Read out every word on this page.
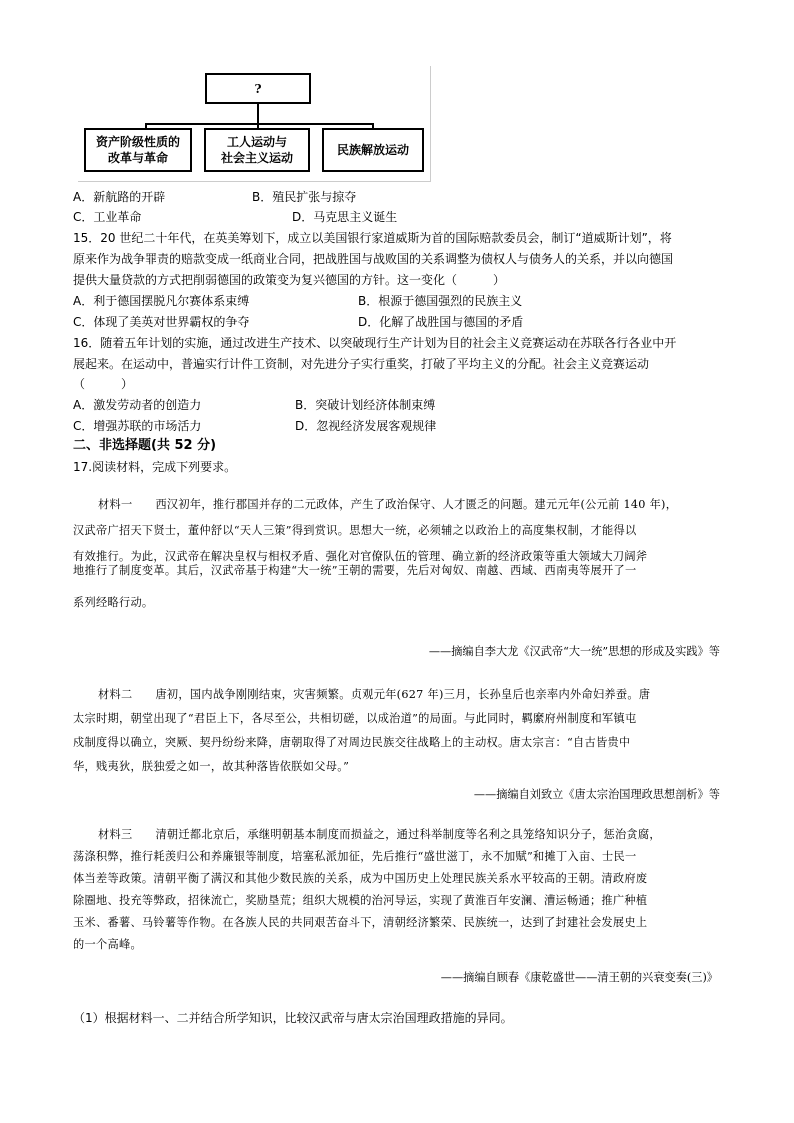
?
资产阶级性质的
改革与革命
工人运动与
社会主义运动
民族解放运动
A．新航路的开辟	B．殖民扩张与掠夺
C．工业革命	D．马克思主义诞生
15．20 世纪二十年代，在英美筹划下，成立以美国银行家道威斯为首的国际赔款委员会，制订“道威斯计划”，将
原来作为战争罪责的赔款变成一纸商业合同，把战胜国与战败国的关系调整为债权人与债务人的关系，并以向德国
提供大量贷款的方式把削弱德国的政策变为复兴德国的方针。这一变化（　　　）
A．利于德国摆脱凡尔赛体系束缚	B．根源于德国强烈的民族主义
C．体现了美英对世界霸权的争夺	D．化解了战胜国与德国的矛盾
16．随着五年计划的实施，通过改进生产技术、以突破现行生产计划为目的社会主义竞赛运动在苏联各行各业中开
展起来。在运动中，普遍实行计件工资制，对先进分子实行重奖，打破了平均主义的分配。社会主义竞赛运动
（　　　）
A．激发劳动者的创造力	B．突破计划经济体制束缚
C．增强苏联的市场活力	D．忽视经济发展客观规律
二、非选择题(共 52 分)
17.阅读材料，完成下列要求。
材料一　　西汉初年，推行郡国并存的二元政体，产生了政治保守、人才匮乏的问题。建元元年(公元前 140 年)，
汉武帝广招天下贤士，董仲舒以“天人三策”得到赏识。思想大一统，必须辅之以政治上的高度集权制，才能得以
有效推行。为此，汉武帝在解决皇权与相权矛盾、强化对官僚队伍的管理、确立新的经济政策等重大领域大刀阔斧
地推行了制度变革。其后，汉武帝基于构建“大一统”王朝的需要，先后对匈奴、南越、西域、西南夷等展开了一
系列经略行动。
——摘编自李大龙《汉武帝“大一统”思想的形成及实践》等
材料二　　唐初，国内战争刚刚结束，灾害频繁。贞观元年(627 年)三月，长孙皇后也亲率内外命妇养蚕。唐
太宗时期，朝堂出现了“君臣上下，各尽至公，共相切磋，以成治道”的局面。与此同时，羁縻府州制度和军镇屯
戍制度得以确立，突厥、契丹纷纷来降，唐朝取得了对周边民族交往战略上的主动权。唐太宗言：“自古皆贵中
华，贱夷狄，朕独爱之如一，故其种落皆依朕如父母。”
——摘编自刘致立《唐太宗治国理政思想剖析》等
材料三　　清朝迁都北京后，承继明朝基本制度而损益之，通过科举制度等名利之具笼络知识分子，惩治贪腐，
荡涤积弊，推行耗羡归公和养廉银等制度，培塞私派加征，先后推行“盛世滋丁，永不加赋”和摊丁入亩、士民一
体当差等政策。清朝平衡了满汉和其他少数民族的关系，成为中国历史上处理民族关系水平较高的王朝。清政府废
除圈地、投充等弊政，招徕流亡，奖励垦荒；组织大规模的治河导运，实现了黄淮百年安澜、漕运畅通；推广种植
玉米、番薯、马铃薯等作物。在各族人民的共同艰苦奋斗下，清朝经济繁荣、民族统一，达到了封建社会发展史上
的一个高峰。
——摘编自顾春《康乾盛世——清王朝的兴衰变奏(三)》
（1）根据材料一、二并结合所学知识，比较汉武帝与唐太宗治国理政措施的异同。
